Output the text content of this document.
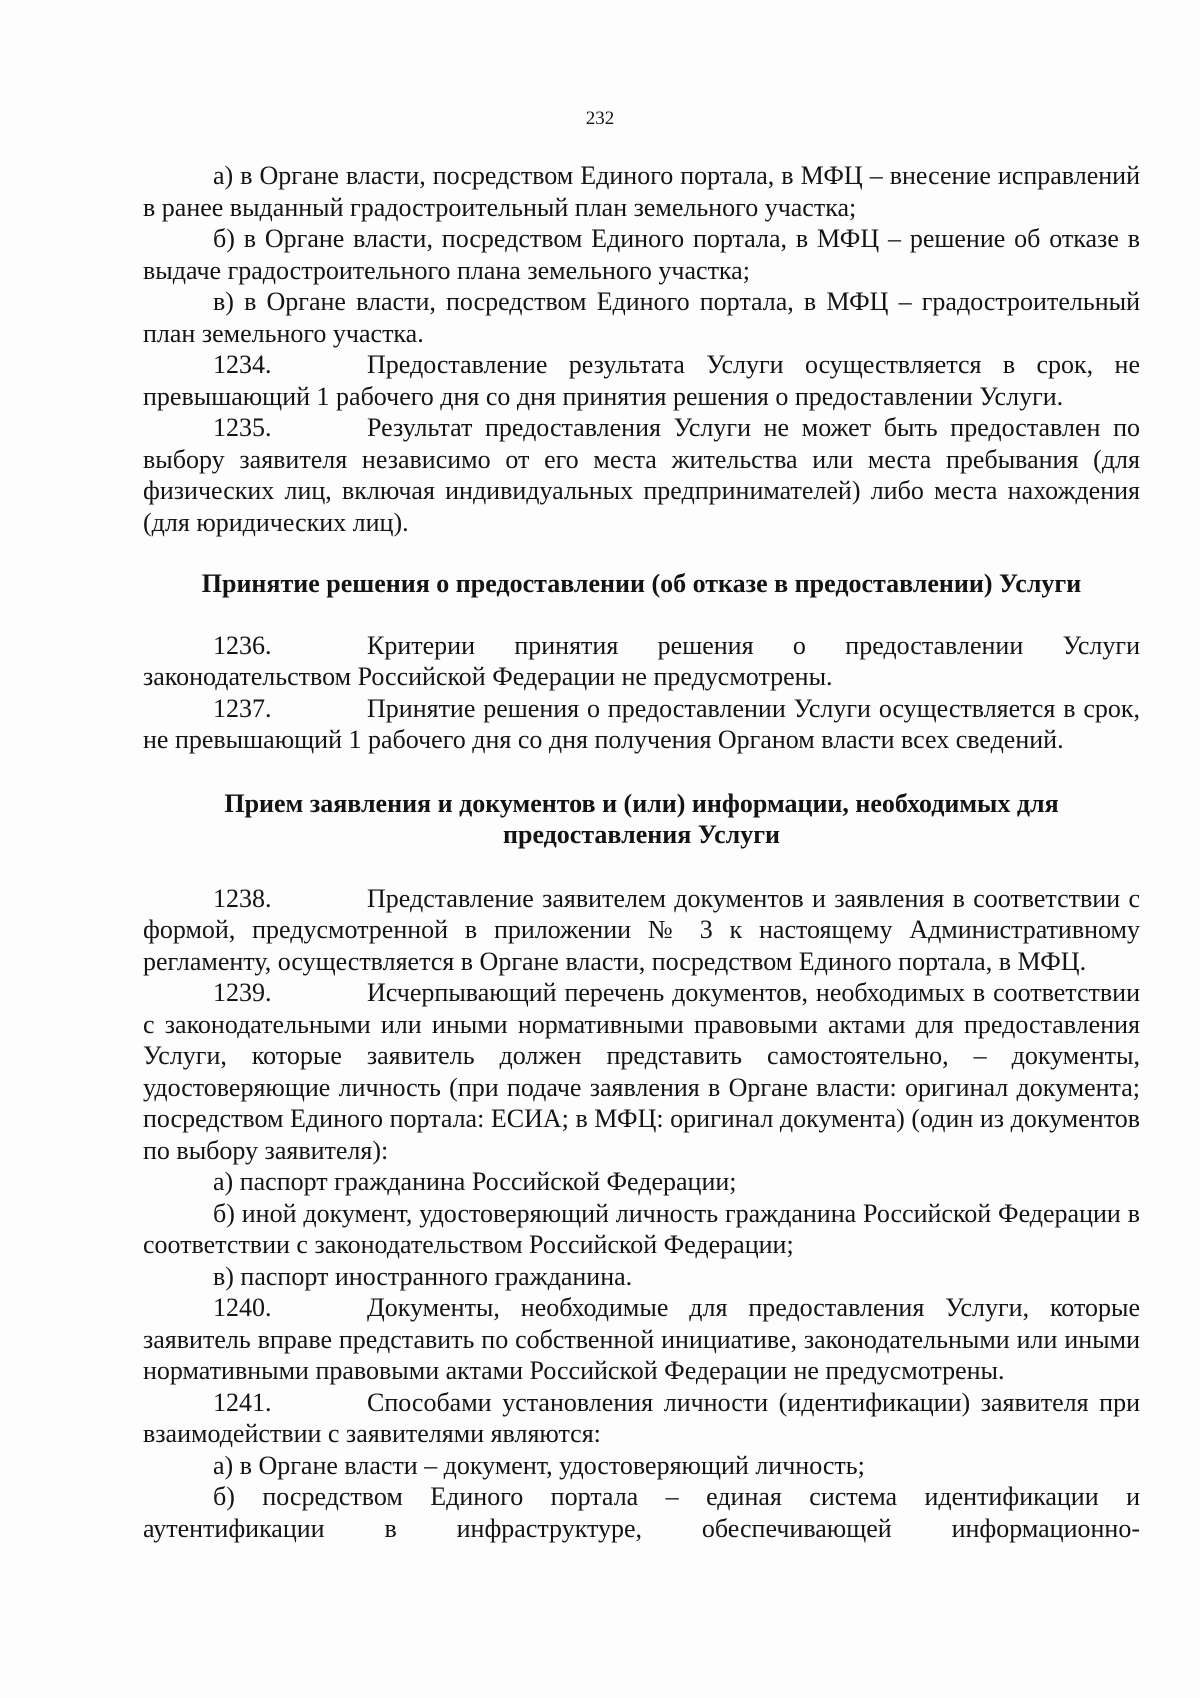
232

а) в Органе власти, посредством Единого портала, в МФЦ – внесение исправлений в ранее выданный градостроительный план земельного участка;

б) в Органе власти, посредством Единого портала, в МФЦ – решение об отказе в выдаче градостроительного плана земельного участка;

в) в Органе власти, посредством Единого портала, в МФЦ – градостроительный план земельного участка.

1234.	Предоставление результата Услуги осуществляется в срок, не превышающий 1 рабочего дня со дня принятия решения о предоставлении Услуги.

1235.	Результат предоставления Услуги не может быть предоставлен по выбору заявителя независимо от его места жительства или места пребывания (для физических лиц, включая индивидуальных предпринимателей) либо места нахождения (для юридических лиц).

Принятие решения о предоставлении (об отказе в предоставлении) Услуги

1236.	Критерии принятия решения о предоставлении Услуги законодательством Российской Федерации не предусмотрены.

1237.	Принятие решения о предоставлении Услуги осуществляется в срок, не превышающий 1 рабочего дня со дня получения Органом власти всех сведений.

Прием заявления и документов и (или) информации, необходимых для предоставления Услуги

1238.	Представление заявителем документов и заявления в соответствии с формой, предусмотренной в приложении № 3 к настоящему Административному регламенту, осуществляется в Органе власти, посредством Единого портала, в МФЦ.

1239.	Исчерпывающий перечень документов, необходимых в соответствии с законодательными или иными нормативными правовыми актами для предоставления Услуги, которые заявитель должен представить самостоятельно, – документы, удостоверяющие личность (при подаче заявления в Органе власти: оригинал документа; посредством Единого портала: ЕСИА; в МФЦ: оригинал документа) (один из документов по выбору заявителя):

а) паспорт гражданина Российской Федерации;

б) иной документ, удостоверяющий личность гражданина Российской Федерации в соответствии с законодательством Российской Федерации;

в) паспорт иностранного гражданина.

1240.	Документы, необходимые для предоставления Услуги, которые заявитель вправе представить по собственной инициативе, законодательными или иными нормативными правовыми актами Российской Федерации не предусмотрены.

1241.	Способами установления личности (идентификации) заявителя при взаимодействии с заявителями являются:

а) в Органе власти – документ, удостоверяющий личность;

б) посредством Единого портала – единая система идентификации и аутентификации в инфраструктуре, обеспечивающей информационно-
